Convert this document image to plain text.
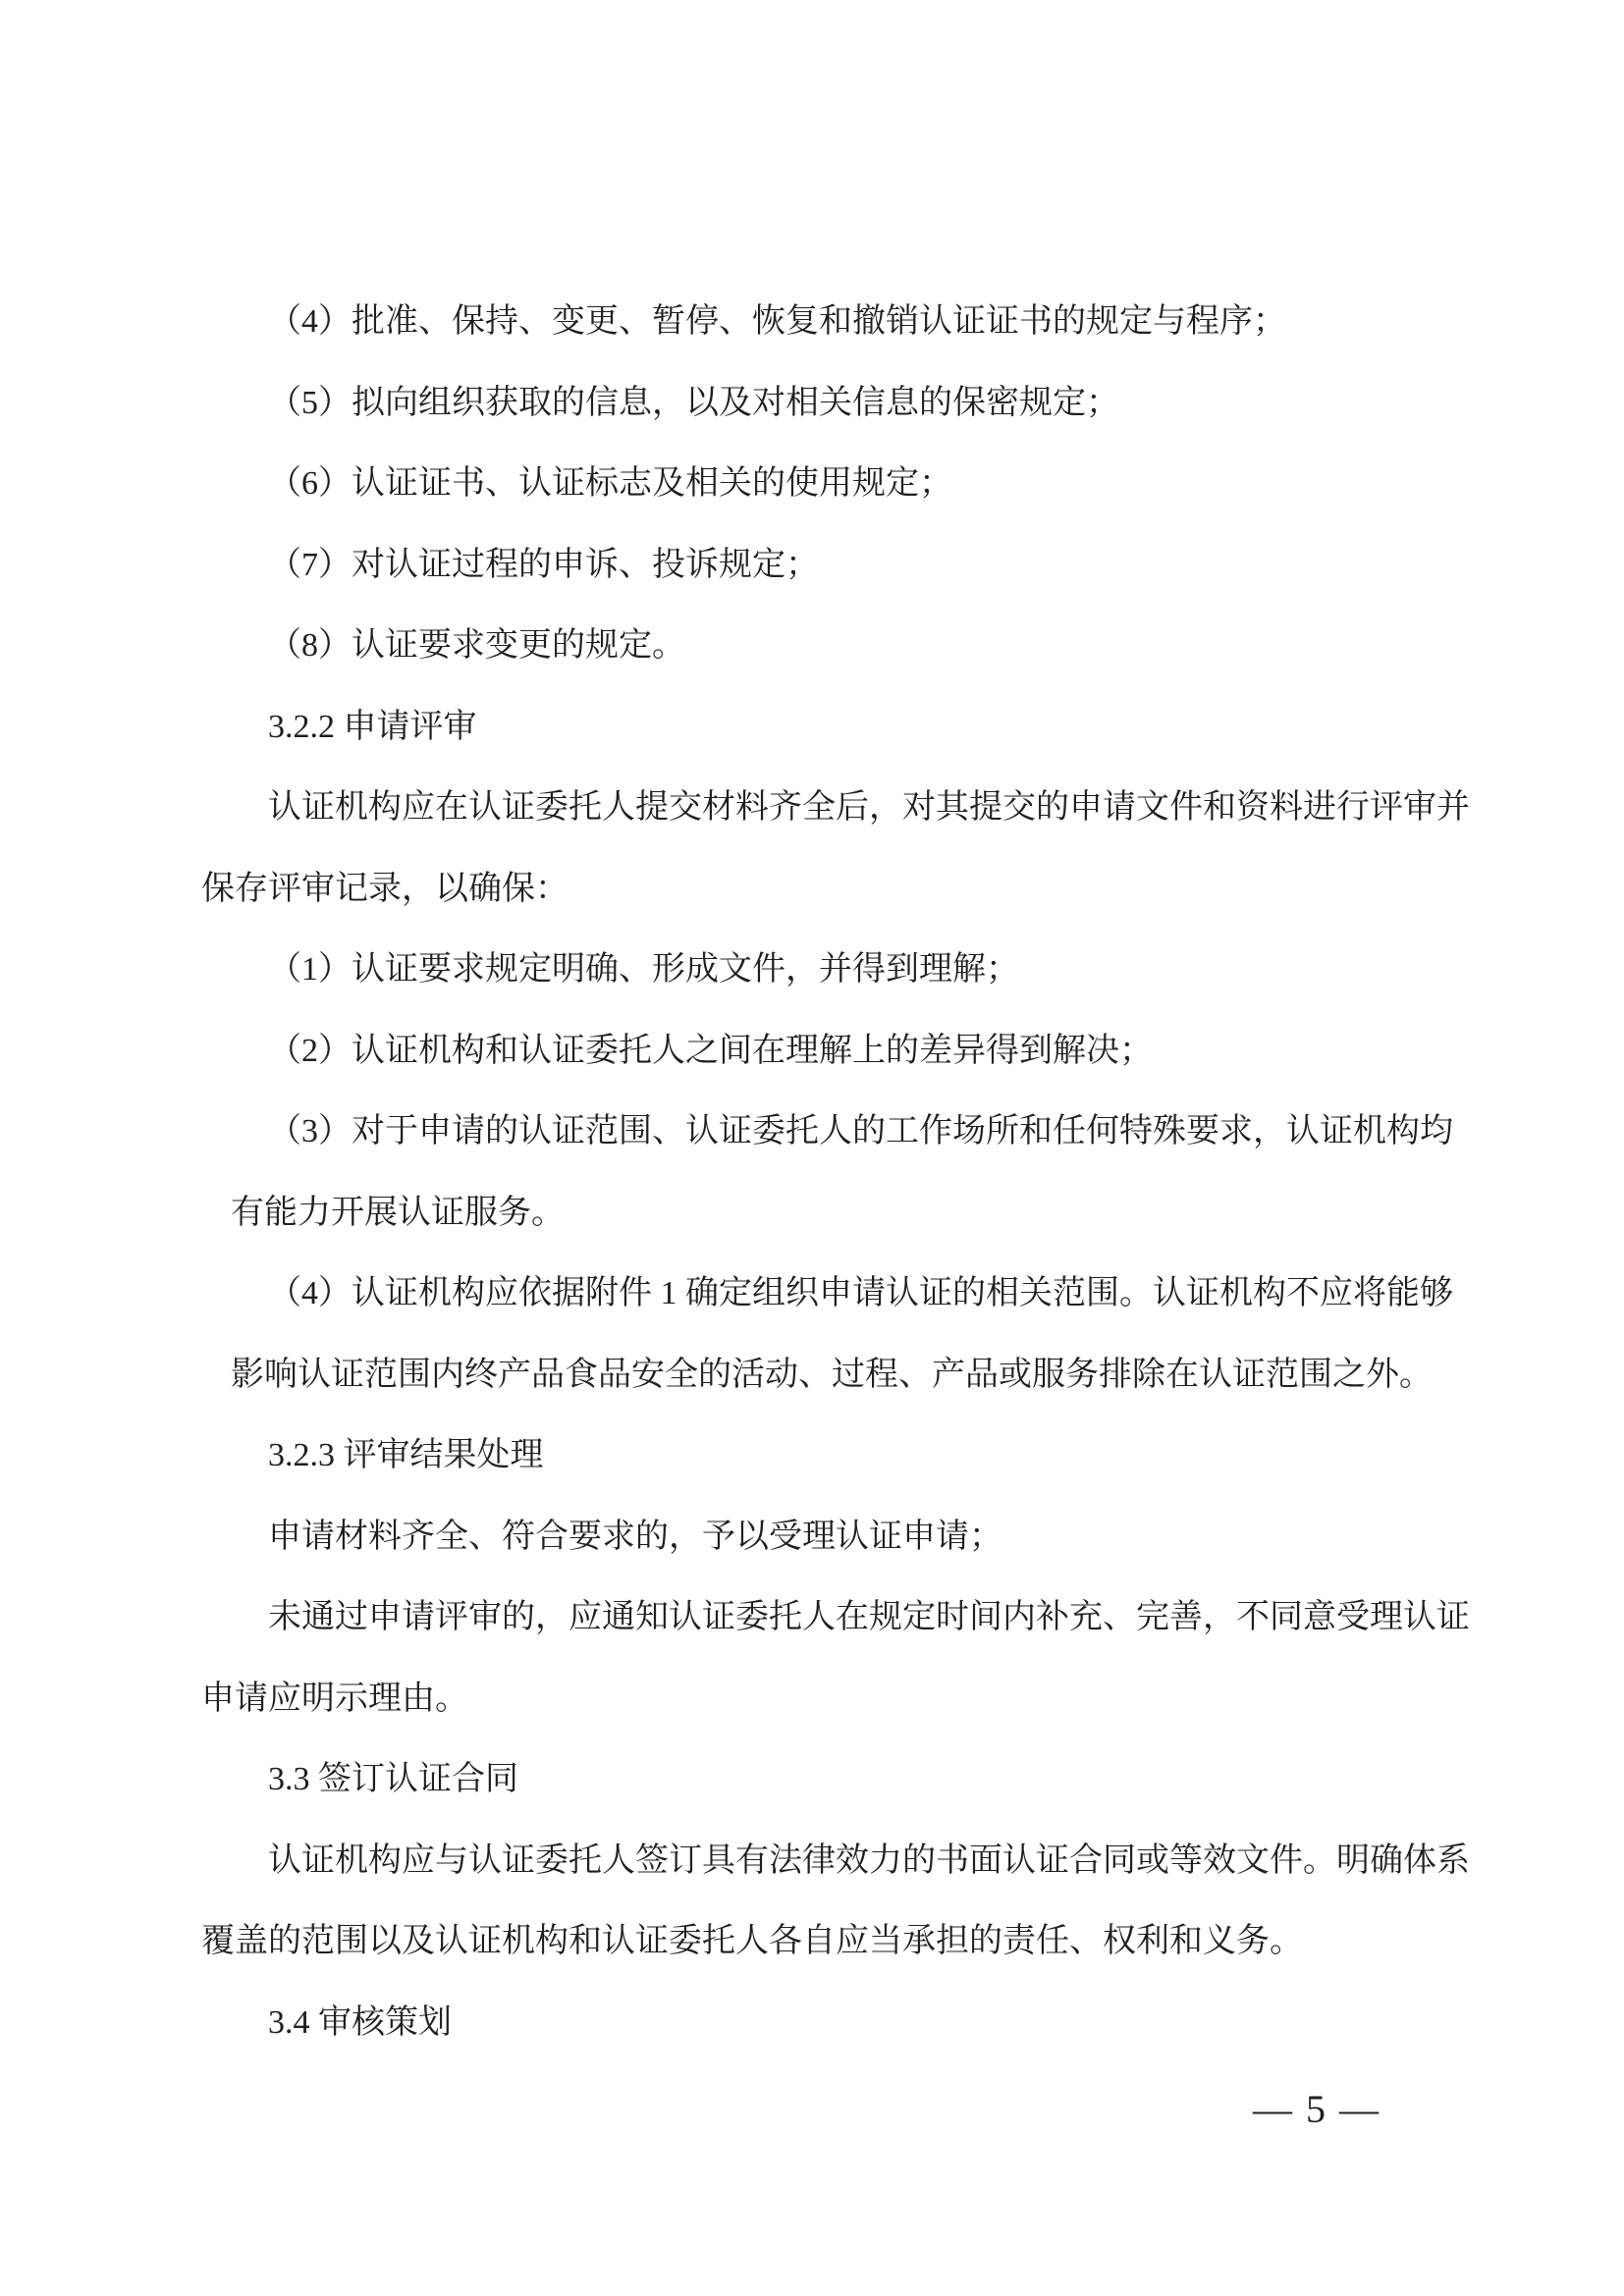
（4）批准、保持、变更、暂停、恢复和撤销认证证书的规定与程序；
（5）拟向组织获取的信息，以及对相关信息的保密规定；
（6）认证证书、认证标志及相关的使用规定；
（7）对认证过程的申诉、投诉规定；
（8）认证要求变更的规定。
3.2.2 申请评审
认证机构应在认证委托人提交材料齐全后，对其提交的申请文件和资料进行评审并
保存评审记录，以确保：
（1）认证要求规定明确、形成文件，并得到理解；
（2）认证机构和认证委托人之间在理解上的差异得到解决；
（3）对于申请的认证范围、认证委托人的工作场所和任何特殊要求，认证机构均
有能力开展认证服务。
（4）认证机构应依据附件 1 确定组织申请认证的相关范围。认证机构不应将能够
影响认证范围内终产品食品安全的活动、过程、产品或服务排除在认证范围之外。
3.2.3 评审结果处理
申请材料齐全、符合要求的，予以受理认证申请；
未通过申请评审的，应通知认证委托人在规定时间内补充、完善，不同意受理认证
申请应明示理由。
3.3 签订认证合同
认证机构应与认证委托人签订具有法律效力的书面认证合同或等效文件。明确体系
覆盖的范围以及认证机构和认证委托人各自应当承担的责任、权利和义务。
3.4 审核策划
— 5 —
